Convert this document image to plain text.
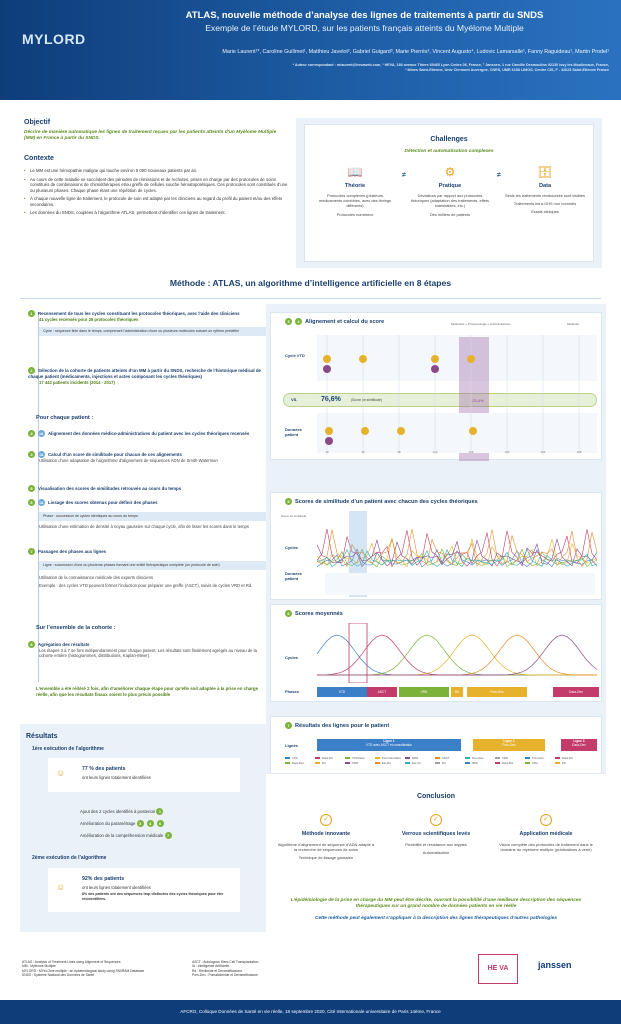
MYLORD
ATLAS, nouvelle méthode d’analyse des lignes de traitements à partir du SNDS
Exemple de l’étude MYLORD, sur les patients français atteints du Myélome Multiple
Marie Laurent¹*, Caroline Guillmet¹, Matthieu Javelot², Gabriel Guigard³, Marie Pierrès², Vincent Augusto⁴, Ludovic Lamarsalle¹, Fanny Raguideau¹, Martin Prodel¹
* Auteur correspondant : mlaurent@hevaweb.com, ¹ HEVA, 186 avenue Thiers 69465 Lyon Cedex 06, France, ² Janssen, 1 rue Camille Desmoulins 92130 Issy les Moulineaux, France,
³ Mines Saint-Etienne, Univ Clermont Auvergne, CNRS, UMR 6158 LIMOS, Centre CIS, F - 42023 Saint-Etienne France
Objectif
Décrire de manière automatique les lignes de traitement reçues par les patients atteints d’un Myélome Multiple (MM) en France à partir du SNDS.
Contexte
• Le MM est une hémopathie maligne qui touche environ 5 000 nouveaux patients par an.
• Au cours de cette maladie se succèdent des périodes de rémissions et de rechutes, prises en charge par des protocoles de soins constitués de combinaisons de chimiothérapies et/ou greffe de cellules souche hématopoïétiques. Ces protocoles sont constitués d’une ou plusieurs phases. Chaque phase étant une répétition de cycles.
• À chaque nouvelle ligne de traitement, le protocole de soin est adapté par les cliniciens au regard du profil du patient et/ou des effets secondaires.
• Les données du SNDS, couplées à l’algorithme ATLAS, permettent d’identifier ces lignes de traitement.
Challenges
Détection et automatisation complexes
📖
Théorie
Protocoles complexes (plusieurs médicaments combinés, avec des timings différents)
Protocoles nombreux
≠	⚙
Pratique
Déviations par rapport aux protocoles théoriques (adaptation des traitements, effets indésirables, etc.)
Des milliers de patients
≠	🗄
Data
Seuls les traitements remboursés sont visibles
Traitements intra-GHS non nommés
Essais cliniques
Méthode : ATLAS, un algorithme d’intelligence artificielle en 8 étapes
1 Recensement de tous les cycles constituant les protocoles théoriques, avec l’aide des cliniciens
41 cycles recensés pour 26 protocoles théoriques
Cycle : séquence finie dans le temps, comprenant l’administration d’une ou plusieurs molécules suivant un rythme prédéfini
2 Sélection de la cohorte de patients atteints d’un MM à partir du SNDS, recherche de l’historique médical de chaque patient (médicaments, injections et actes composant les cycles théoriques)
17 442 patients incidents (2014 - 2017)
Pour chaque patient :
3 IA Alignement des données médico-administratives du patient avec les cycles théoriques recensés
4 IA Calcul d’un score de similitude pour chacun de ces alignements
Utilisation d’une adaptation de l’algorithme d’alignement de séquences ADN de Smith-Waterman
5 Visualisation des scores de similitudes retrouvés au cours du temps
6 IA Lissage des scores obtenus pour définir des phases
Phase : succession de cycles identiques au cours du temps
Utilisation d’une estimation de densité à noyau gaussien sur chaque cycle, afin de lisser les scores dans le temps
7 Passages des phases aux lignes
Ligne : succession d’une ou plusieurs phases formant une entité thérapeutique complète (un protocole de soin)
Utilisation de la connaissance médicale des experts cliniciens
Exemple : des cycles VTD peuvent former l’induction pour préparer une greffe (ASCT), suivis de cycles VRD et Rd.
Sur l’ensemble de la cohorte :
8 Agrégation des résultats
Les étapes 3 à 7 se font indépendamment pour chaque patient. Les résultats sont finalement agrégés au niveau de la cohorte entière (histogrammes, distributions, Kaplan-Meier).
L’ensemble a été réitéré 2 fois, afin d’améliorer chaque étape pour qu’elle soit adaptée à la prise en charge réelle, afin que les résultats finaux soient le plus précis possible
Résultats
1ère exécution de l’algorithme
☺	77 % des patients
ont leurs lignes totalement identifiées
Ajout des 2 cycles identifiés à posteriori 1
Amélioration du paramétrage 3 4 6
Amélioration de la compréhension médicale 7
2ème exécution de l’algorithme
☺
92% des patients
ont leurs lignes totalement identifiées
8% des patients ont des séquences trop distinctes des cycles théoriques pour être récidentifiées.
3 4 Alignement et calcul du score	Molécules + Prix/posologie + Administrations	Molécule
Cycle VTD
VS.	76,6%	(Score de similitude)	-23,4%
Données patient
J0	J4	J8	J12	J16	J20	J24	J28
5 Scores de similitude d’un patient avec chacun des cycles théoriques
Score de similitude
Cycles
Données patient
6 Scores moyennés
Cycles
Phases	VTD	ASCT	VRD	Rd	Pom-Dex	Dara-Dex
7 Résultats des lignes pour le patient
Lignes
Ligne 1
VTD avec ASCT et consolidation
Ligne 2
Pom-Dex
Ligne 3
Dara-Dex
VTD	Dara-Rd	VTD-Dara	Pom-Dex-Dara	MPR	ASCT	Pom-Dex	VRD	Pom-Dex	Dara-RdDara-Dex	Rd	CMP	Elo-Rd	Elo-Vd	Rd	IMiD	Dara-Bor	KRd	KD
Conclusion
✓
Méthode innovante
Algorithme d’alignement de séquence d’ADN adapté à la recherche de séquences de soins
Technique de lissage gaussien
✓
Verrous scientifiques levés
Flexibilité et résistance aux atypies
Automatisation
✓
Application médicale
Vision complète des protocoles de traitement dans le domaine du myélome multiple (publications à venir)
L’épidémiologie de la prise en charge du MM peut être décrite, ouvrant la possibilité d’une meilleure description des séquences thérapeutiques sur un grand nombre de données patients en vie réelle
Cette méthode peut également s’appliquer à la description des lignes thérapeutiques d’autres pathologies
ATLAS : Analysis of Treatment Lines using Alignment of Sequences
MM : Myélome Multiple
MYLORD : MYéLOme multiple : an epidemiological study using SNIIRAM Database
SNDS : Système National des Données de Santé
ASCT : Autologous Stem Cell Transplantation
IA : Intelligence Artificielle
Rd : Revlimide et Dexaméthasone
Pom-Dex : Pomalidomide et Dexaméthasone
HE VA	janssen
AFCRO, Colloque Données de Santé en vie réelle, 18 septembre 2020, Cité Internationale universitaire de Paris 14ème, France
